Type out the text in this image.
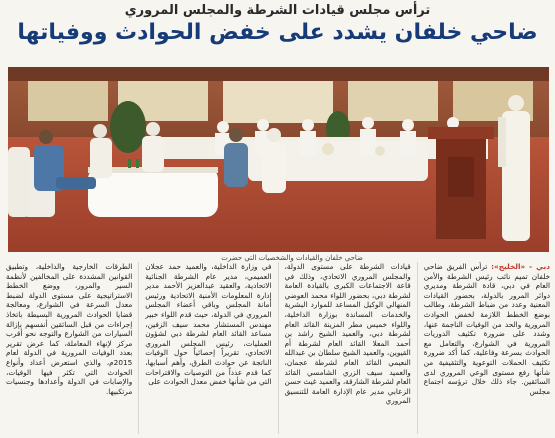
ترأس مجلس قيادات الشرطة والمجلس المروري
ضاحي خلفان يشدد على خفض الحوادث ووفياتها
ضاحي خلفان والقيادات والشخصيات التي حضرت

دبي - «الخليج»: ترأس الفريق ضاحي خلفان تميم نائب رئيس الشرطة والأمن العام في دبي، قادة الشرطة ومديري دوائر المرور بالدولة، بحضور القيادات المعنية وعدد من ضباط الشرطة، وطالب بوضع الخطط اللازمة لخفض الحوادث المرورية والحد من الوفيات الناجمة عنها، وشدد على ضرورة تكثيف الدوريات المرورية في الشوارع، والتعامل مع الحوادث بسرعة وفاعلية، كما أكد ضرورة تكثيف الحملات التوعوية والتثقيفية من شأنها رفع مستوى الوعي المروري لدى السائقين. جاء ذلك خلال ترؤسه اجتماع مجلس

قيادات الشرطة على مستوى الدولة، والمجلس المروري الاتحادي، وذلك في قاعة الاجتماعات الكبرى بالقيادة العامة لشرطة دبي، بحضور اللواء محمد العوضي المنهالي الوكيل المساعد للموارد البشرية والخدمات المساندة بوزارة الداخلية، واللواء خميس مطر المزينة القائد العام لشرطة دبي، والعميد الشيخ راشد بن أحمد المعلا القائد العام لشرطة أم القيوين، والعميد الشيخ سلطان بن عبدالله النعيمي القائد العام لشرطة عجمان، والعميد سيف الزري الشامسي القائد العام لشرطة الشارقة، والعميد غيث حسن الزعابي مدير عام الإدارة العامة للتنسيق المروري

في وزارة الداخلية، والعميد حمد عجلان العميمي، مدير عام الشرطة الجنائية الاتحادية، والعقيد عبدالعزيز الأحمد مدير إدارة المعلومات الأمنية الاتحادية ورئيس أمانة المجلس وباقي أعضاء المجلس المروري في الدولة، حيث قدم اللواء خبير مهندس المستشار محمد سيف الزفين، مساعد القائد العام لشرطة دبي لشؤون العمليات، رئيس المجلس المروري الاتحادي، تقريراً إحصائياً حول الوفيات الناتجة عن حوادث الطرق، وأهم أسبابها، كما قدم عدداً من التوصيات والاقتراحات التي من شأنها خفض معدل الحوادث على

الطرقات الخارجية والداخلية، وتطبيق القوانين المشددة على المخالفين لأنظمة السير والمرور، ووضع الخطط الاستراتيجية على مستوى الدولة لضبط معدل السرعة في الشوارع، ومعالجة قضايا الحوادث المرورية البسيطة باتخاذ إجراءات من قبل السائقين أنفسهم بإزالة السيارات من الشوارع والتوجه نحو أقرب مركز لإنهاء المعاملة، كما عرض تقرير بعدد الوفيات المرورية في الدولة لعام 2015م، والذي استعرض أعداد وأنواع الحوادث التي تكثر فيها الوفيات، والإصابات في الدولة وأعدادها وجنسيات مرتكبيها.
